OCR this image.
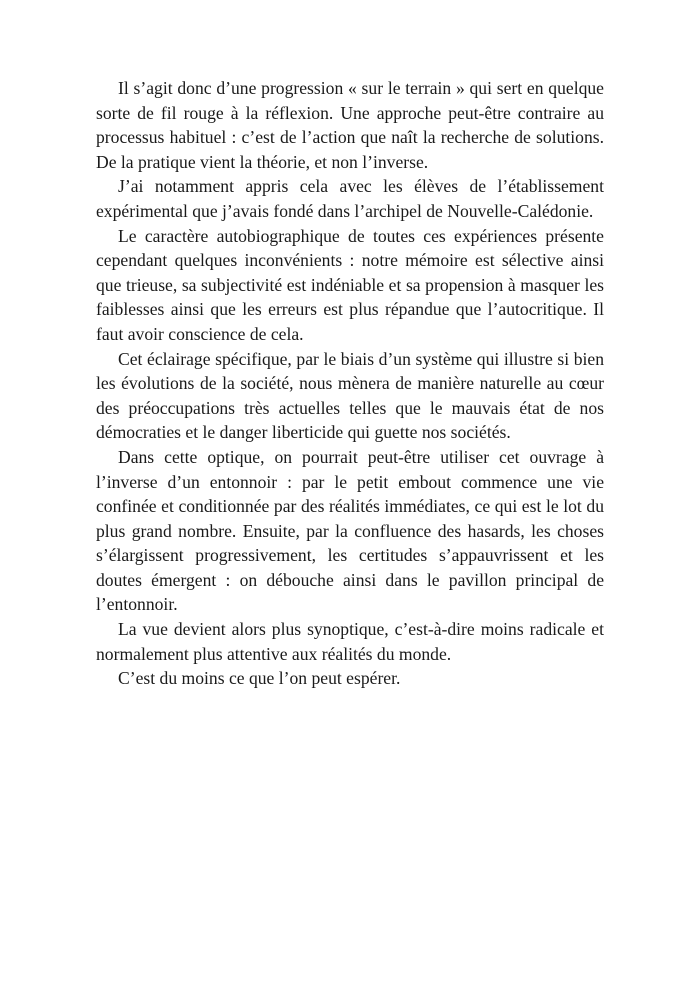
Il s’agit donc d’une progression « sur le terrain » qui sert en quelque sorte de fil rouge à la réflexion. Une approche peut-être contraire au processus habituel : c’est de l’action que naît la recherche de solutions. De la pratique vient la théorie, et non l’inverse.

J’ai notamment appris cela avec les élèves de l’établissement expérimental que j’avais fondé dans l’archipel de Nouvelle-Calédonie.

Le caractère autobiographique de toutes ces expériences présente cependant quelques inconvénients : notre mémoire est sélective ainsi que trieuse, sa subjectivité est indéniable et sa propension à masquer les faiblesses ainsi que les erreurs est plus répandue que l’autocritique. Il faut avoir conscience de cela.

Cet éclairage spécifique, par le biais d’un système qui illustre si bien les évolutions de la société, nous mènera de manière naturelle au cœur des préoccupations très actuelles telles que le mauvais état de nos démocraties et le danger liberticide qui guette nos sociétés.

Dans cette optique, on pourrait peut-être utiliser cet ouvrage à l’inverse d’un entonnoir : par le petit embout commence une vie confinée et conditionnée par des réalités immédiates, ce qui est le lot du plus grand nombre. Ensuite, par la confluence des hasards, les choses s’élargissent progressivement, les certitudes s’appauvrissent et les doutes émergent : on débouche ainsi dans le pavillon principal de l’entonnoir.

La vue devient alors plus synoptique, c’est-à-dire moins radicale et normalement plus attentive aux réalités du monde.

C’est du moins ce que l’on peut espérer.
